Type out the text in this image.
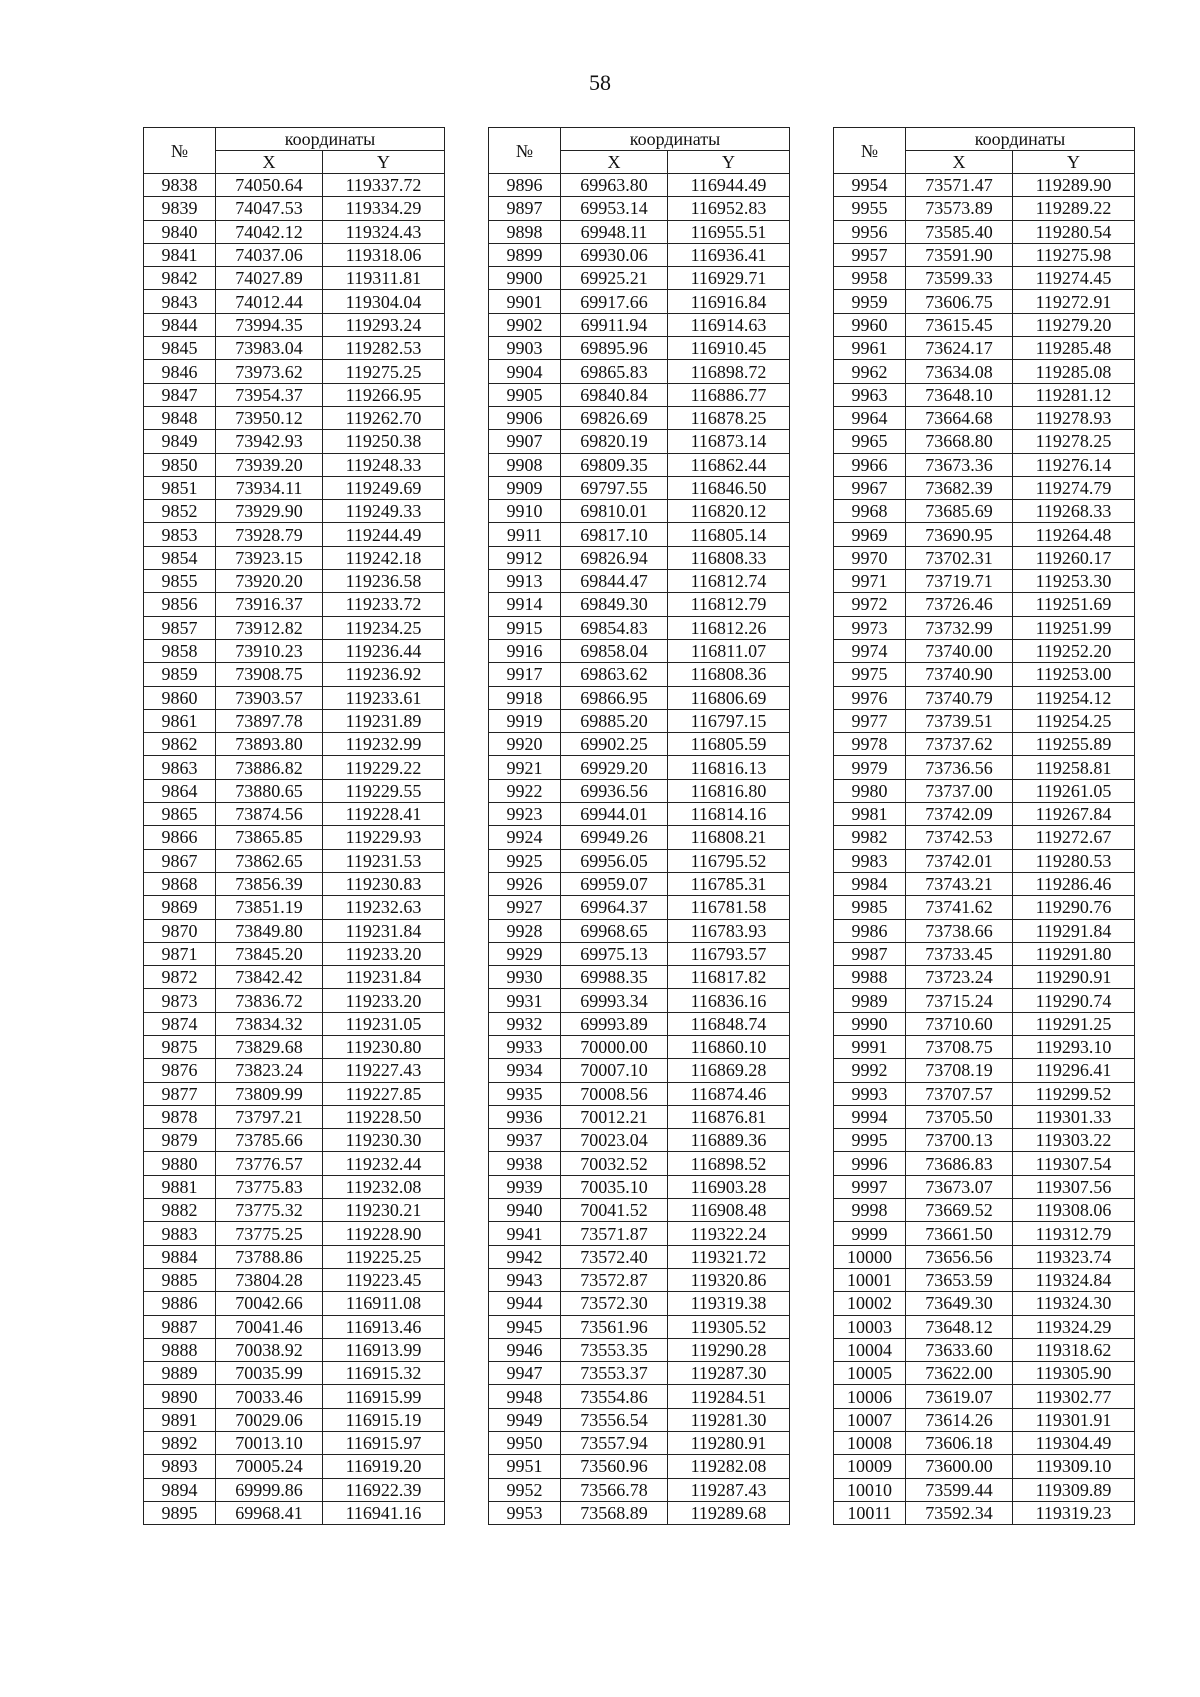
58
№	координаты	
	X	Y
9838	74050.64	119337.72
9839	74047.53	119334.29
9840	74042.12	119324.43
9841	74037.06	119318.06
9842	74027.89	119311.81
9843	74012.44	119304.04
9844	73994.35	119293.24
9845	73983.04	119282.53
9846	73973.62	119275.25
9847	73954.37	119266.95
9848	73950.12	119262.70
9849	73942.93	119250.38
9850	73939.20	119248.33
9851	73934.11	119249.69
9852	73929.90	119249.33
9853	73928.79	119244.49
9854	73923.15	119242.18
9855	73920.20	119236.58
9856	73916.37	119233.72
9857	73912.82	119234.25
9858	73910.23	119236.44
9859	73908.75	119236.92
9860	73903.57	119233.61
9861	73897.78	119231.89
9862	73893.80	119232.99
9863	73886.82	119229.22
9864	73880.65	119229.55
9865	73874.56	119228.41
9866	73865.85	119229.93
9867	73862.65	119231.53
9868	73856.39	119230.83
9869	73851.19	119232.63
9870	73849.80	119231.84
9871	73845.20	119233.20
9872	73842.42	119231.84
9873	73836.72	119233.20
9874	73834.32	119231.05
9875	73829.68	119230.80
9876	73823.24	119227.43
9877	73809.99	119227.85
9878	73797.21	119228.50
9879	73785.66	119230.30
9880	73776.57	119232.44
9881	73775.83	119232.08
9882	73775.32	119230.21
9883	73775.25	119228.90
9884	73788.86	119225.25
9885	73804.28	119223.45
9886	70042.66	116911.08
9887	70041.46	116913.46
9888	70038.92	116913.99
9889	70035.99	116915.32
9890	70033.46	116915.99
9891	70029.06	116915.19
9892	70013.10	116915.97
9893	70005.24	116919.20
9894	69999.86	116922.39
9895	69968.41	116941.16
№	координаты	
	X	Y
9896	69963.80	116944.49
9897	69953.14	116952.83
9898	69948.11	116955.51
9899	69930.06	116936.41
9900	69925.21	116929.71
9901	69917.66	116916.84
9902	69911.94	116914.63
9903	69895.96	116910.45
9904	69865.83	116898.72
9905	69840.84	116886.77
9906	69826.69	116878.25
9907	69820.19	116873.14
9908	69809.35	116862.44
9909	69797.55	116846.50
9910	69810.01	116820.12
9911	69817.10	116805.14
9912	69826.94	116808.33
9913	69844.47	116812.74
9914	69849.30	116812.79
9915	69854.83	116812.26
9916	69858.04	116811.07
9917	69863.62	116808.36
9918	69866.95	116806.69
9919	69885.20	116797.15
9920	69902.25	116805.59
9921	69929.20	116816.13
9922	69936.56	116816.80
9923	69944.01	116814.16
9924	69949.26	116808.21
9925	69956.05	116795.52
9926	69959.07	116785.31
9927	69964.37	116781.58
9928	69968.65	116783.93
9929	69975.13	116793.57
9930	69988.35	116817.82
9931	69993.34	116836.16
9932	69993.89	116848.74
9933	70000.00	116860.10
9934	70007.10	116869.28
9935	70008.56	116874.46
9936	70012.21	116876.81
9937	70023.04	116889.36
9938	70032.52	116898.52
9939	70035.10	116903.28
9940	70041.52	116908.48
9941	73571.87	119322.24
9942	73572.40	119321.72
9943	73572.87	119320.86
9944	73572.30	119319.38
9945	73561.96	119305.52
9946	73553.35	119290.28
9947	73553.37	119287.30
9948	73554.86	119284.51
9949	73556.54	119281.30
9950	73557.94	119280.91
9951	73560.96	119282.08
9952	73566.78	119287.43
9953	73568.89	119289.68
№	координаты	
	X	Y
9954	73571.47	119289.90
9955	73573.89	119289.22
9956	73585.40	119280.54
9957	73591.90	119275.98
9958	73599.33	119274.45
9959	73606.75	119272.91
9960	73615.45	119279.20
9961	73624.17	119285.48
9962	73634.08	119285.08
9963	73648.10	119281.12
9964	73664.68	119278.93
9965	73668.80	119278.25
9966	73673.36	119276.14
9967	73682.39	119274.79
9968	73685.69	119268.33
9969	73690.95	119264.48
9970	73702.31	119260.17
9971	73719.71	119253.30
9972	73726.46	119251.69
9973	73732.99	119251.99
9974	73740.00	119252.20
9975	73740.90	119253.00
9976	73740.79	119254.12
9977	73739.51	119254.25
9978	73737.62	119255.89
9979	73736.56	119258.81
9980	73737.00	119261.05
9981	73742.09	119267.84
9982	73742.53	119272.67
9983	73742.01	119280.53
9984	73743.21	119286.46
9985	73741.62	119290.76
9986	73738.66	119291.84
9987	73733.45	119291.80
9988	73723.24	119290.91
9989	73715.24	119290.74
9990	73710.60	119291.25
9991	73708.75	119293.10
9992	73708.19	119296.41
9993	73707.57	119299.52
9994	73705.50	119301.33
9995	73700.13	119303.22
9996	73686.83	119307.54
9997	73673.07	119307.56
9998	73669.52	119308.06
9999	73661.50	119312.79
10000	73656.56	119323.74
10001	73653.59	119324.84
10002	73649.30	119324.30
10003	73648.12	119324.29
10004	73633.60	119318.62
10005	73622.00	119305.90
10006	73619.07	119302.77
10007	73614.26	119301.91
10008	73606.18	119304.49
10009	73600.00	119309.10
10010	73599.44	119309.89
10011	73592.34	119319.23
